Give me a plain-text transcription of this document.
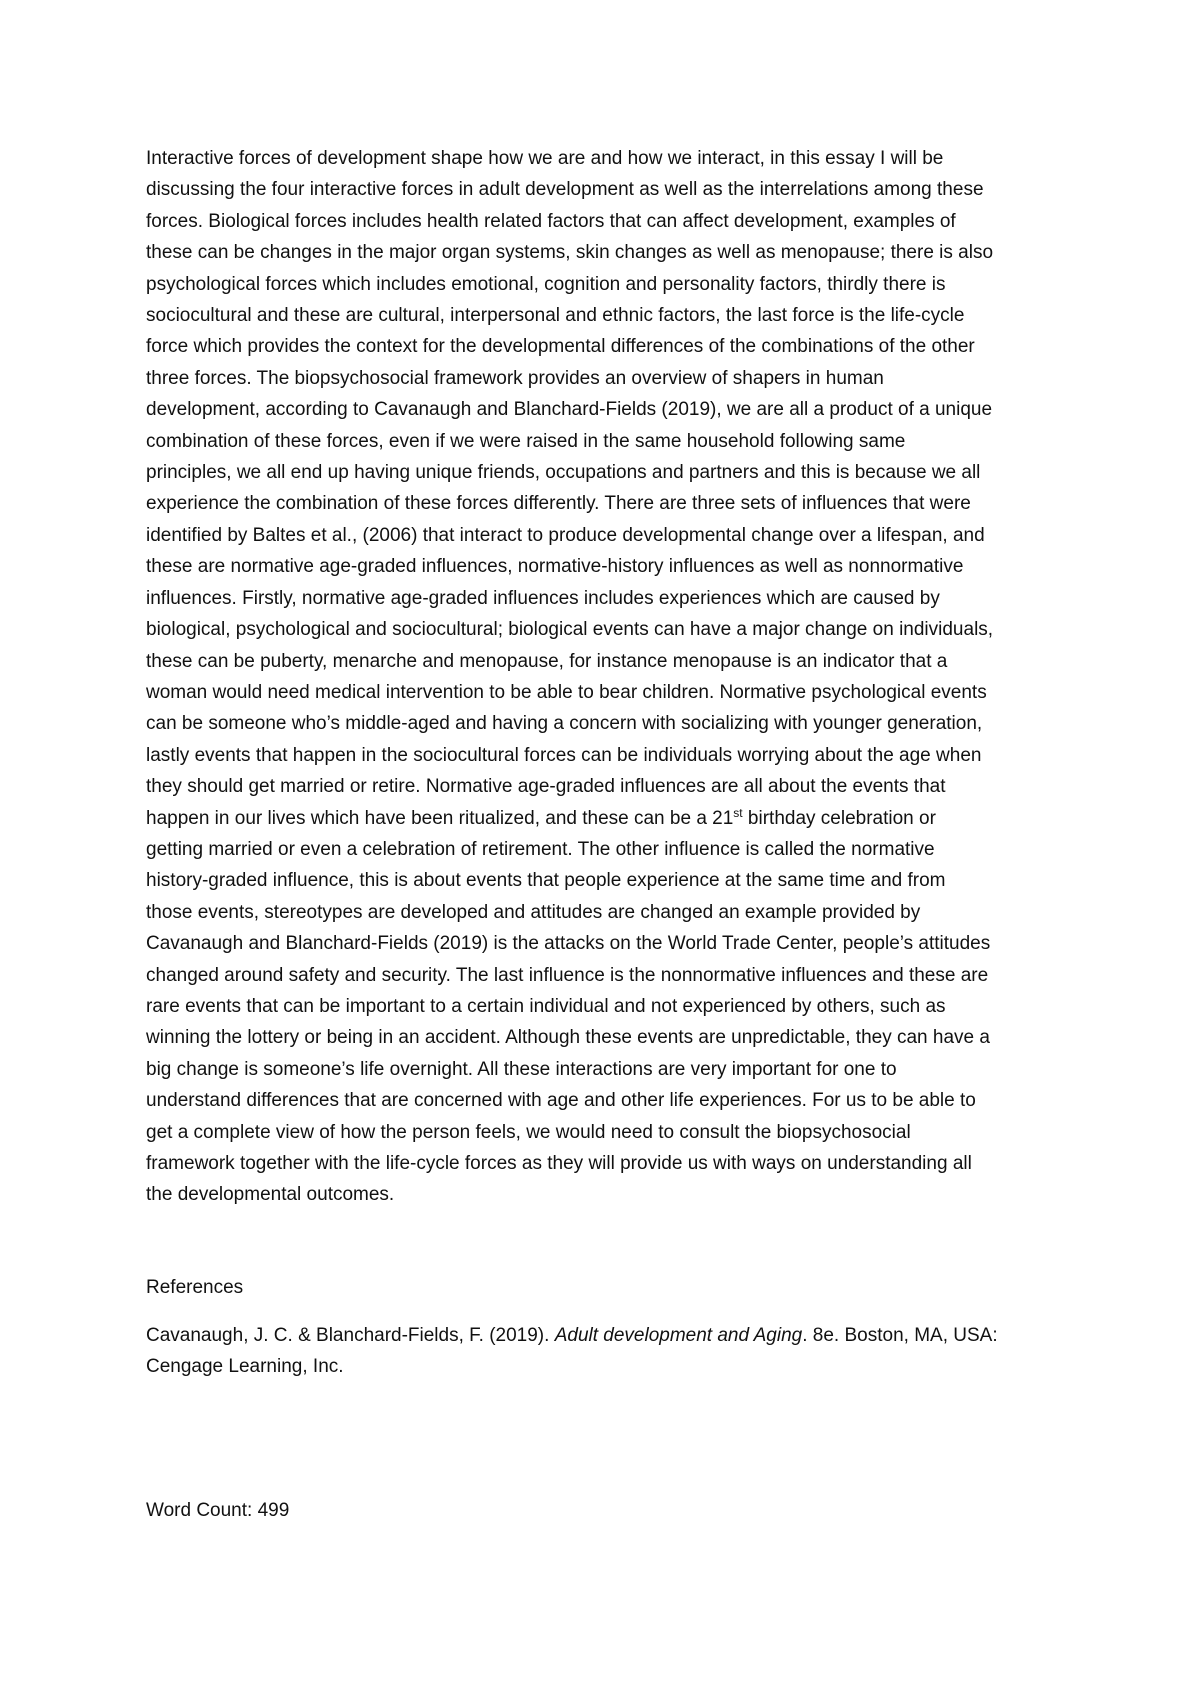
Interactive forces of development shape how we are and how we interact, in this essay I will be
discussing the four interactive forces in adult development as well as the interrelations among these
forces. Biological forces includes health related factors that can affect development, examples of
these can be changes in the major organ systems, skin changes as well as menopause; there is also
psychological forces which includes emotional, cognition and personality factors, thirdly there is
sociocultural and these are cultural, interpersonal and ethnic factors, the last force is the life-cycle
force which provides the context for the developmental differences of the combinations of the other
three forces. The biopsychosocial framework provides an overview of shapers in human
development, according to Cavanaugh and Blanchard-Fields (2019), we are all a product of a unique
combination of these forces, even if we were raised in the same household following same
principles, we all end up having unique friends, occupations and partners and this is because we all
experience the combination of these forces differently. There are three sets of influences that were
identified by Baltes et al., (2006) that interact to produce developmental change over a lifespan, and
these are normative age-graded influences, normative-history influences as well as nonnormative
influences. Firstly, normative age-graded influences includes experiences which are caused by
biological, psychological and sociocultural; biological events can have a major change on individuals,
these can be puberty, menarche and menopause, for instance menopause is an indicator that a
woman would need medical intervention to be able to bear children. Normative psychological events
can be someone who’s middle-aged and having a concern with socializing with younger generation,
lastly events that happen in the sociocultural forces can be individuals worrying about the age when
they should get married or retire. Normative age-graded influences are all about the events that
happen in our lives which have been ritualized, and these can be a 21st birthday celebration or
getting married or even a celebration of retirement. The other influence is called the normative
history-graded influence, this is about events that people experience at the same time and from
those events, stereotypes are developed and attitudes are changed an example provided by
Cavanaugh and Blanchard-Fields (2019) is the attacks on the World Trade Center, people’s attitudes
changed around safety and security. The last influence is the nonnormative influences and these are
rare events that can be important to a certain individual and not experienced by others, such as
winning the lottery or being in an accident. Although these events are unpredictable, they can have a
big change is someone’s life overnight. All these interactions are very important for one to
understand differences that are concerned with age and other life experiences. For us to be able to
get a complete view of how the person feels, we would need to consult the biopsychosocial
framework together with the life-cycle forces as they will provide us with ways on understanding all
the developmental outcomes.

References

Cavanaugh, J. C. & Blanchard-Fields, F. (2019). Adult development and Aging. 8e. Boston, MA, USA:
Cengage Learning, Inc.

Word Count: 499
